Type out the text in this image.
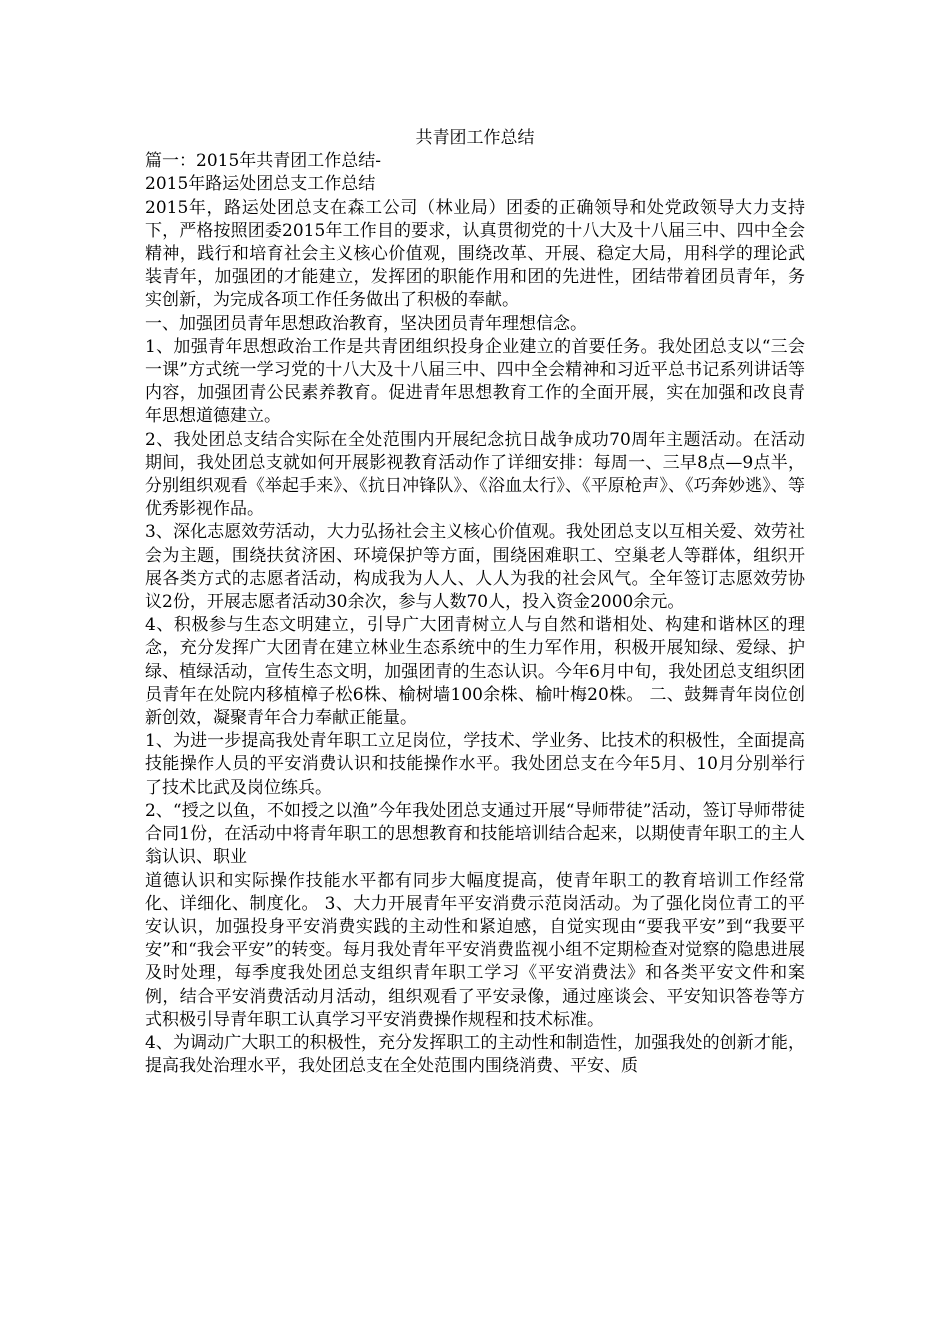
共青团工作总结

篇一：2015年共青团工作总结-

2015年路运处团总支工作总结

2015年，路运处团总支在森工公司（林业局）团委的正确领导和处党政领导大力支持下，严格按照团委2015年工作目的要求，认真贯彻党的十八大及十八届三中、四中全会精神，践行和培育社会主义核心价值观，围绕改革、开展、稳定大局，用科学的理论武装青年，加强团的才能建立，发挥团的职能作用和团的先进性，团结带着团员青年，务实创新，为完成各项工作任务做出了积极的奉献。

一、加强团员青年思想政治教育，坚决团员青年理想信念。

1、加强青年思想政治工作是共青团组织投身企业建立的首要任务。我处团总支以“三会一课”方式统一学习党的十八大及十八届三中、四中全会精神和习近平总书记系列讲话等内容，加强团青公民素养教育。促进青年思想教育工作的全面开展，实在加强和改良青年思想道德建立。

2、我处团总支结合实际在全处范围内开展纪念抗日战争成功70周年主题活动。在活动期间，我处团总支就如何开展影视教育活动作了详细安排：每周一、三早8点—9点半，分别组织观看《举起手来》、《抗日冲锋队》、《浴血太行》、《平原枪声》、《巧奔妙逃》、等优秀影视作品。

3、深化志愿效劳活动，大力弘扬社会主义核心价值观。我处团总支以互相关爱、效劳社会为主题，围绕扶贫济困、环境保护等方面，围绕困难职工、空巢老人等群体，组织开展各类方式的志愿者活动，构成我为人人、人人为我的社会风气。全年签订志愿效劳协议2份，开展志愿者活动30余次，参与人数70人，投入资金2000余元。

4、积极参与生态文明建立，引导广大团青树立人与自然和谐相处、构建和谐林区的理念，充分发挥广大团青在建立林业生态系统中的生力军作用，积极开展知绿、爱绿、护绿、植绿活动，宣传生态文明，加强团青的生态认识。今年6月中旬，我处团总支组织团员青年在处院内移植樟子松6株、榆树墙100余株、榆叶梅20株。 二、鼓舞青年岗位创新创效，凝聚青年合力奉献正能量。

1、为进一步提高我处青年职工立足岗位，学技术、学业务、比技术的积极性，全面提高技能操作人员的平安消费认识和技能操作水平。我处团总支在今年5月、10月分别举行了技术比武及岗位练兵。

2、“授之以鱼，不如授之以渔”今年我处团总支通过开展“导师带徒”活动，签订导师带徒合同1份，在活动中将青年职工的思想教育和技能培训结合起来，以期使青年职工的主人翁认识、职业

道德认识和实际操作技能水平都有同步大幅度提高，使青年职工的教育培训工作经常化、详细化、制度化。 3、大力开展青年平安消费示范岗活动。为了强化岗位青工的平安认识，加强投身平安消费实践的主动性和紧迫感，自觉实现由“要我平安”到“我要平安”和“我会平安”的转变。每月我处青年平安消费监视小组不定期检查对觉察的隐患进展及时处理，每季度我处团总支组织青年职工学习《平安消费法》和各类平安文件和案例，结合平安消费活动月活动，组织观看了平安录像，通过座谈会、平安知识答卷等方式积极引导青年职工认真学习平安消费操作规程和技术标准。

4、为调动广大职工的积极性，充分发挥职工的主动性和制造性，加强我处的创新才能，提高我处治理水平，我处团总支在全处范围内围绕消费、平安、质
